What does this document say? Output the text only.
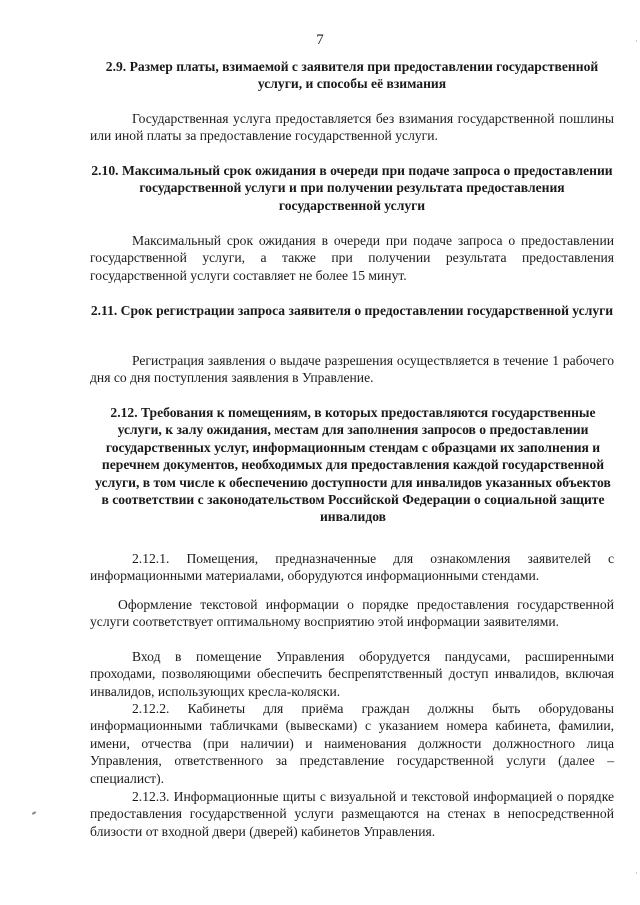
7
2.9. Размер платы, взимаемой с заявителя при предоставлении государственной услуги, и способы её взимания
Государственная услуга предоставляется без взимания государственной пошлины или иной платы за предоставление государственной услуги.
2.10. Максимальный срок ожидания в очереди при подаче запроса о предоставлении государственной услуги и при получении результата предоставления государственной услуги
Максимальный срок ожидания в очереди при подаче запроса о предоставлении государственной услуги, а также при получении результата предоставления государственной услуги составляет не более 15 минут.
2.11. Срок регистрации запроса заявителя о предоставлении государственной услуги
Регистрация заявления о выдаче разрешения осуществляется в течение 1 рабочего дня со дня поступления заявления в Управление.
2.12. Требования к помещениям, в которых предоставляются государственные услуги, к залу ожидания, местам для заполнения запросов о предоставлении государственных услуг, информационным стендам с образцами их заполнения и перечнем документов, необходимых для предоставления каждой государственной услуги, в том числе к обеспечению доступности для инвалидов указанных объектов в соответствии с законодательством Российской Федерации о социальной защите инвалидов
2.12.1. Помещения, предназначенные для ознакомления заявителей с информационными материалами, оборудуются информационными стендами.
Оформление текстовой информации о порядке предоставления государственной услуги соответствует оптимальному восприятию этой информации заявителями.
Вход в помещение Управления оборудуется пандусами, расширенными проходами, позволяющими обеспечить беспрепятственный доступ инвалидов, включая инвалидов, использующих кресла-коляски.
2.12.2. Кабинеты для приёма граждан должны быть оборудованы информационными табличками (вывесками) с указанием номера кабинета, фамилии, имени, отчества (при наличии) и наименования должности должностного лица Управления, ответственного за представление государственной услуги (далее – специалист).
2.12.3. Информационные щиты с визуальной и текстовой информацией о порядке предоставления государственной услуги размещаются на стенах в непосредственной близости от входной двери (дверей) кабинетов Управления.
